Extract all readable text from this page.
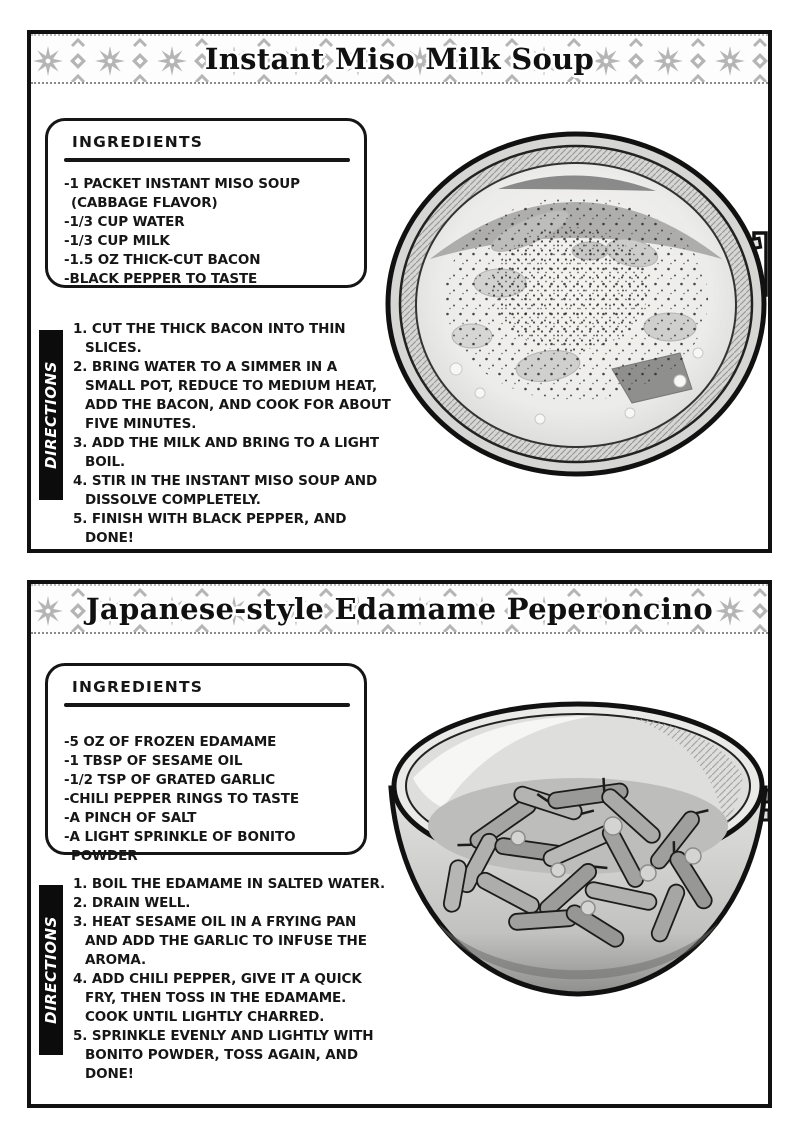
Instant Miso Milk Soup
INGREDIENTS
-1 PACKET INSTANT MISO SOUP (CABBAGE FLAVOR)
-1/3 CUP WATER
-1/3 CUP MILK
-1.5 OZ THICK-CUT BACON
-BLACK PEPPER TO TASTE
DIRECTIONS
1. CUT THE THICK BACON INTO THIN SLICES.
2. BRING WATER TO A SIMMER IN A SMALL POT, REDUCE TO MEDIUM HEAT, ADD THE BACON, AND COOK FOR ABOUT FIVE MINUTES.
3. ADD THE MILK AND BRING TO A LIGHT BOIL.
4. STIR IN THE INSTANT MISO SOUP AND DISSOLVE COMPLETELY.
5. FINISH WITH BLACK PEPPER, AND DONE!
Japanese-style Edamame Peperoncino
INGREDIENTS
-5 OZ OF FROZEN EDAMAME
-1 TBSP OF SESAME OIL
-1/2 TSP OF GRATED GARLIC
-CHILI PEPPER RINGS TO TASTE
-A PINCH OF SALT
-A LIGHT SPRINKLE OF BONITO POWDER
DIRECTIONS
1. BOIL THE EDAMAME IN SALTED WATER.
2. DRAIN WELL.
3. HEAT SESAME OIL IN A FRYING PAN AND ADD THE GARLIC TO INFUSE THE AROMA.
4. ADD CHILI PEPPER, GIVE IT A QUICK FRY, THEN TOSS IN THE EDAMAME. COOK UNTIL LIGHTLY CHARRED.
5. SPRINKLE EVENLY AND LIGHTLY WITH BONITO POWDER, TOSS AGAIN, AND DONE!
